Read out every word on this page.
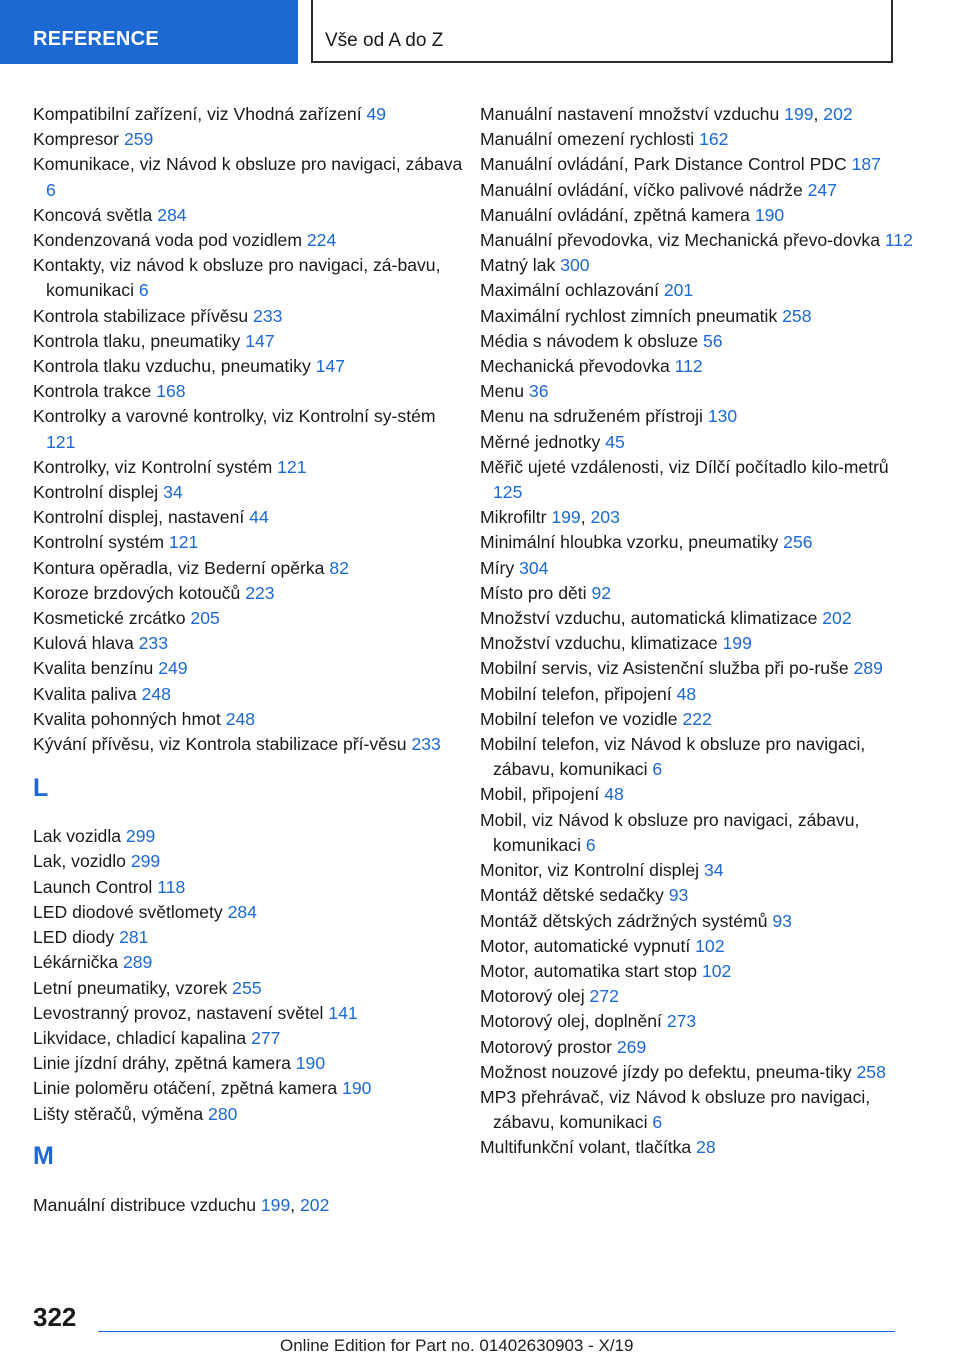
REFERENCE	Vše od A do Z
Kompatibilní zařízení, viz Vhodná zařízení 49
Kompresor 259
Komunikace, viz Návod k obsluze pro navigaci, zábava 6
Koncová světla 284
Kondenzovaná voda pod vozidlem 224
Kontakty, viz návod k obsluze pro navigaci, zá-bavu, komunikaci 6
Kontrola stabilizace přívěsu 233
Kontrola tlaku, pneumatiky 147
Kontrola tlaku vzduchu, pneumatiky 147
Kontrola trakce 168
Kontrolky a varovné kontrolky, viz Kontrolní sy-stém 121
Kontrolky, viz Kontrolní systém 121
Kontrolní displej 34
Kontrolní displej, nastavení 44
Kontrolní systém 121
Kontura opěradla, viz Bederní opěrka 82
Koroze brzdových kotoučů 223
Kosmetické zrcátko 205
Kulová hlava 233
Kvalita benzínu 249
Kvalita paliva 248
Kvalita pohonných hmot 248
Kývání přívěsu, viz Kontrola stabilizace pří-věsu 233
L
Lak vozidla 299
Lak, vozidlo 299
Launch Control 118
LED diodové světlomety 284
LED diody 281
Lékárnička 289
Letní pneumatiky, vzorek 255
Levostranný provoz, nastavení světel 141
Likvidace, chladicí kapalina 277
Linie jízdní dráhy, zpětná kamera 190
Linie poloměru otáčení, zpětná kamera 190
Lišty stěračů, výměna 280
M
Manuální distribuce vzduchu 199, 202
Manuální nastavení množství vzduchu 199, 202
Manuální omezení rychlosti 162
Manuální ovládání, Park Distance Control PDC 187
Manuální ovládání, víčko palivové nádrže 247
Manuální ovládání, zpětná kamera 190
Manuální převodovka, viz Mechanická převo-dovka 112
Matný lak 300
Maximální ochlazování 201
Maximální rychlost zimních pneumatik 258
Média s návodem k obsluze 56
Mechanická převodovka 112
Menu 36
Menu na sdruženém přístroji 130
Měrné jednotky 45
Měřič ujeté vzdálenosti, viz Dílčí počítadlo kilo-metrů 125
Mikrofiltr 199, 203
Minimální hloubka vzorku, pneumatiky 256
Míry 304
Místo pro děti 92
Množství vzduchu, automatická klimatizace 202
Množství vzduchu, klimatizace 199
Mobilní servis, viz Asistenční služba při po-ruše 289
Mobilní telefon, připojení 48
Mobilní telefon ve vozidle 222
Mobilní telefon, viz Návod k obsluze pro navigaci, zábavu, komunikaci 6
Mobil, připojení 48
Mobil, viz Návod k obsluze pro navigaci, zábavu, komunikaci 6
Monitor, viz Kontrolní displej 34
Montáž dětské sedačky 93
Montáž dětských zádržných systémů 93
Motor, automatické vypnutí 102
Motor, automatika start stop 102
Motorový olej 272
Motorový olej, doplnění 273
Motorový prostor 269
Možnost nouzové jízdy po defektu, pneuma-tiky 258
MP3 přehrávač, viz Návod k obsluze pro navigaci, zábavu, komunikaci 6
Multifunkční volant, tlačítka 28
322
Online Edition for Part no. 01402630903 - X/19
